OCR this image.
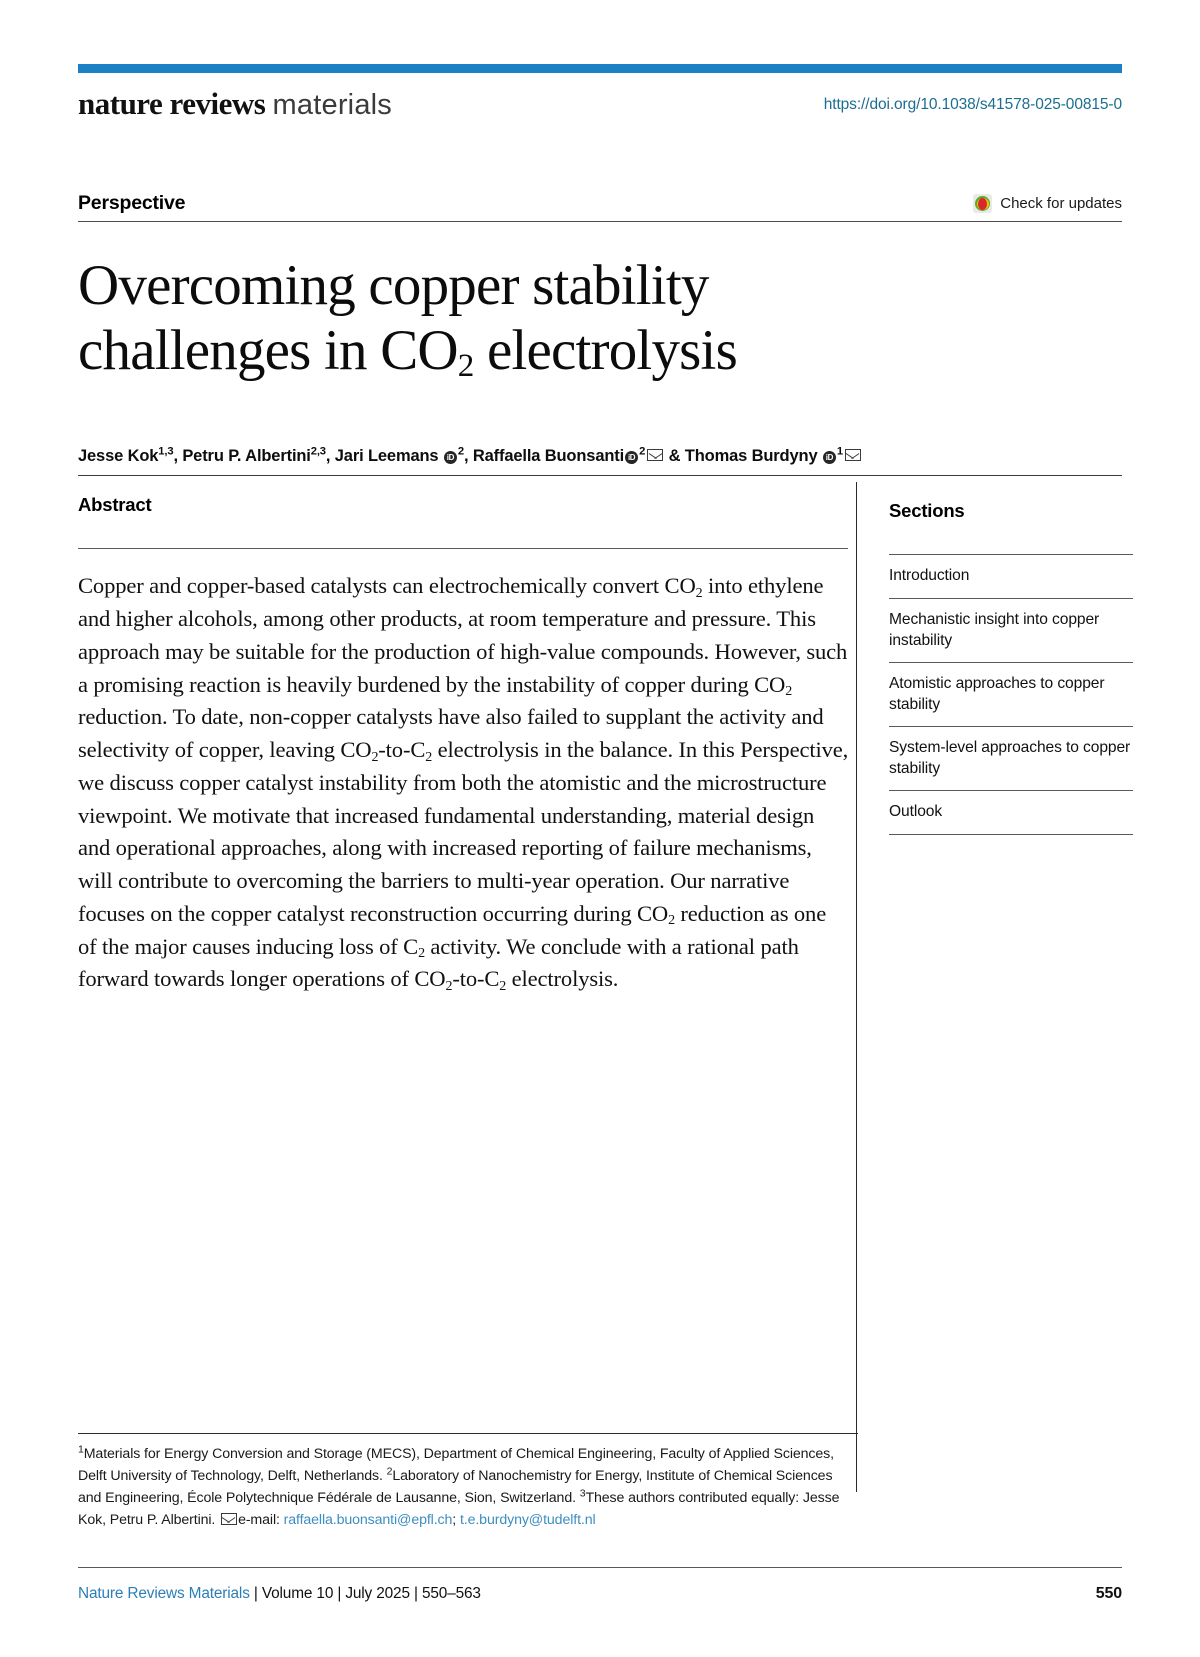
nature reviews materials	https://doi.org/10.1038/s41578-025-00815-0
Perspective	Check for updates
Overcoming copper stability
challenges in $CO_2$ electrolysis
Jesse Kok$^{1,3}$, Petru P. Albertini$^{2,3}$, Jari Leemans iD $^2$, Raffaella Buonsanti iD $^2$ & Thomas Burdyny iD $^1$
Abstract
Copper and copper-based catalysts can electrochemically convert $CO_2$ into ethylene and higher alcohols, among other products, at room temperature and pressure. This approach may be suitable for the production of high-value compounds. However, such a promising reaction is heavily burdened by the instability of copper during $CO_2$ reduction. To date, non-copper catalysts have also failed to supplant the activity and selectivity of copper, leaving $CO_2-to-C_2$ electrolysis in the balance. In this Perspective, we discuss copper catalyst instability from both the atomistic and the microstructure viewpoint. We motivate that increased fundamental understanding, material design and operational approaches, along with increased reporting of failure mechanisms, will contribute to overcoming the barriers to multi-year operation. Our narrative focuses on the copper catalyst reconstruction occurring during $CO_2$ reduction as one of the major causes inducing loss of $C_2$ activity. We conclude with a rational path forward towards longer operations of $CO_2-to-C_2$ electrolysis.
Sections
Introduction
Mechanistic insight into copper instability
Atomistic approaches to copper stability
System-level approaches to copper stability
Outlook
$^1$Materials for Energy Conversion and Storage (MECS), Department of Chemical Engineering, Faculty of Applied Sciences, Delft University of Technology, Delft, Netherlands. $^2$Laboratory of Nanochemistry for Energy, Institute of Chemical Sciences and Engineering, École Polytechnique Fédérale de Lausanne, Sion, Switzerland. $^3$These authors contributed equally: Jesse Kok, Petru P. Albertini. e-mail: raffaella.buonsanti@epfl.ch; t.e.burdyny@tudelft.nl
Nature Reviews Materials | Volume 10 | July 2025 | 550–563	550
